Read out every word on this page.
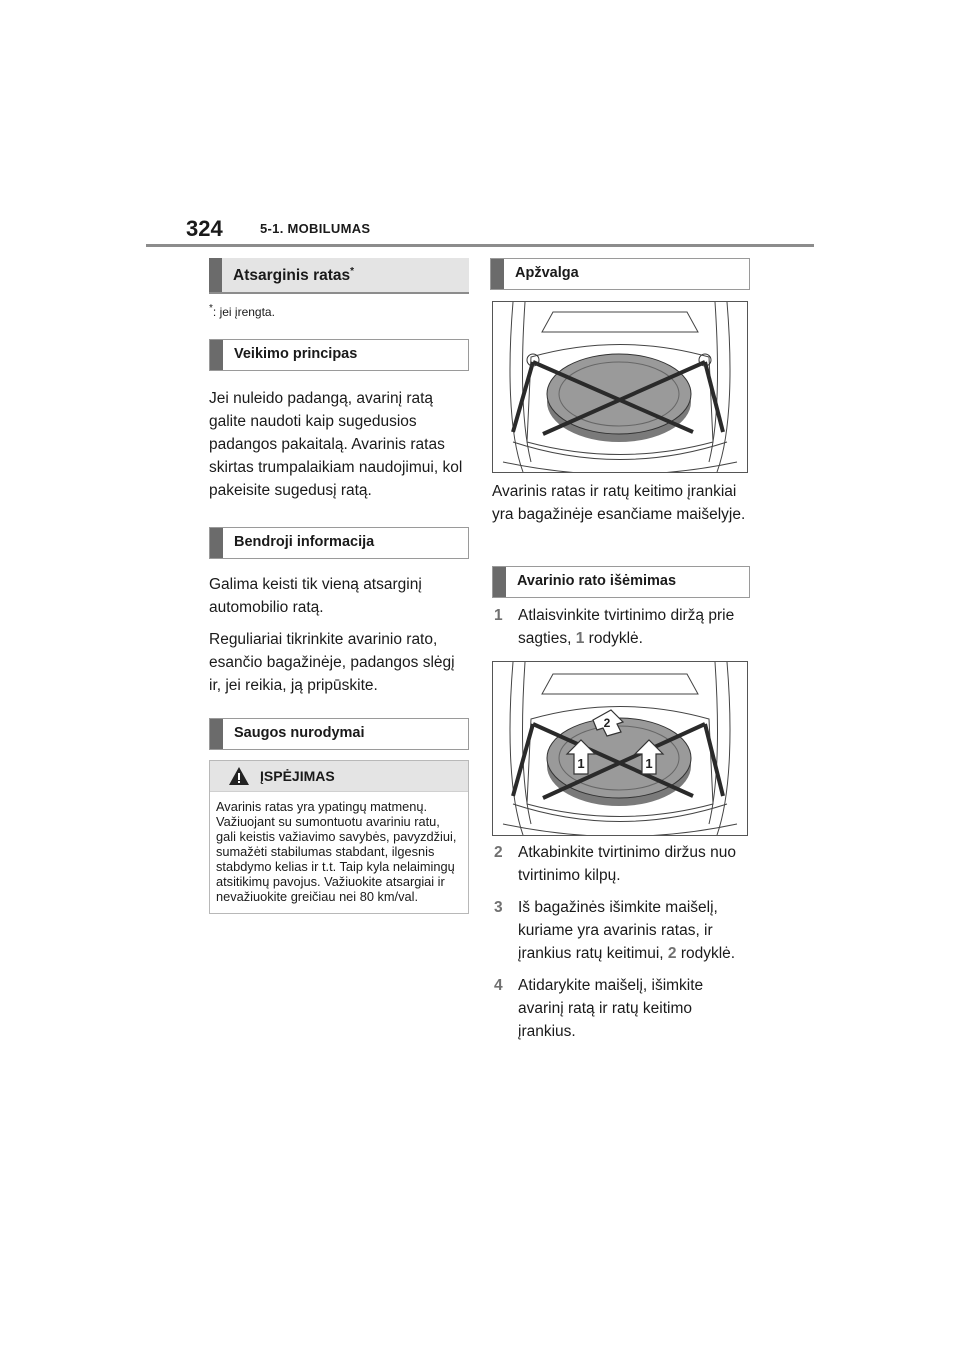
324	5-1. MOBILUMAS
Atsarginis ratas*

*: jei įrengta.

Veikimo principas

Jei nuleido padangą, avarinį ratą galite naudoti kaip sugedusios padangos pakaitalą. Avarinis ratas skirtas trumpalaikiam naudojimui, kol pakeisite sugedusį ratą.

Bendroji informacija

Galima keisti tik vieną atsarginį automobilio ratą.

Reguliariai tikrinkite avarinio rato, esančio bagažinėje, padangos slėgį ir, jei reikia, ją pripūskite.

Saugos nurodymai
ĮSPĖJIMAS
Avarinis ratas yra ypatingų matmenų. Važiuojant su sumontuotu avariniu ratu, gali keistis važiavimo savybės, pavyzdžiui, sumažėti stabilumas stabdant, ilgesnis stabdymo kelias ir t.t. Taip kyla nelaimingų atsitikimų pavojus. Važiuokite atsargiai ir nevažiuokite greičiau nei 80 km/val.
Apžvalga

Avarinis ratas ir ratų keitimo įrankiai yra bagažinėje esančiame maišelyje.

Avarinio rato išėmimas

1 Atlaisvinkite tvirtinimo diržą prie sagties, 1 rodyklė.

1	1
2

2 Atkabinkite tvirtinimo diržus nuo tvirtinimo kilpų.

3 Iš bagažinės išimkite maišelį, kuriame yra avarinis ratas, ir įrankius ratų keitimui, 2 rodyklė.

4 Atidarykite maišelį, išimkite avarinį ratą ir ratų keitimo įrankius.
